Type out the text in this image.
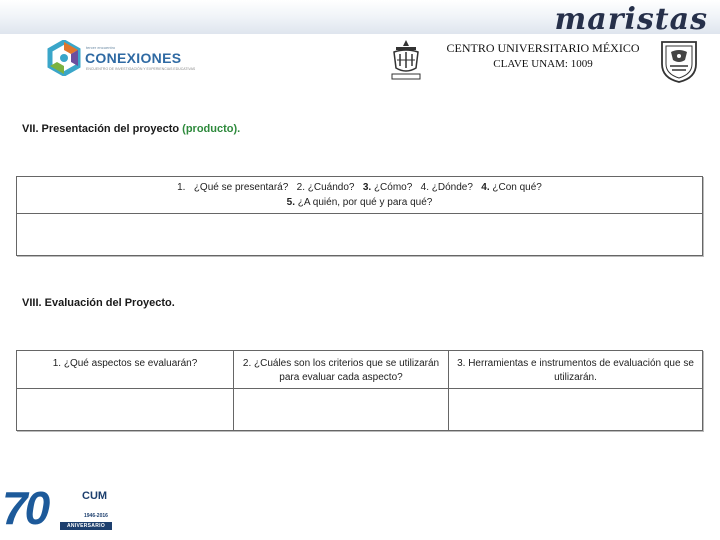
maristas
tercer encuentro
CONEXIONES
ENCUENTRO DE INVESTIGACIÓN Y EXPERIENCIAS EDUCATIVAS
CENTRO UNIVERSITARIO MÉXICO
CLAVE UNAM: 1009
VII. Presentación del proyecto (producto).
1. ¿Qué se presentará? 2. ¿Cuándo? 3. ¿Cómo? 4. ¿Dónde? 4. ¿Con qué?
5. ¿A quién, por qué y para qué?
VIII. Evaluación del Proyecto.
1. ¿Qué aspectos se evaluarán?	2. ¿Cuáles son los criterios que se utilizarán para evaluar cada aspecto?
3. Herramientas e instrumentos de evaluación que se utilizarán.
70	CUM
1946-2016
ANIVERSARIO
